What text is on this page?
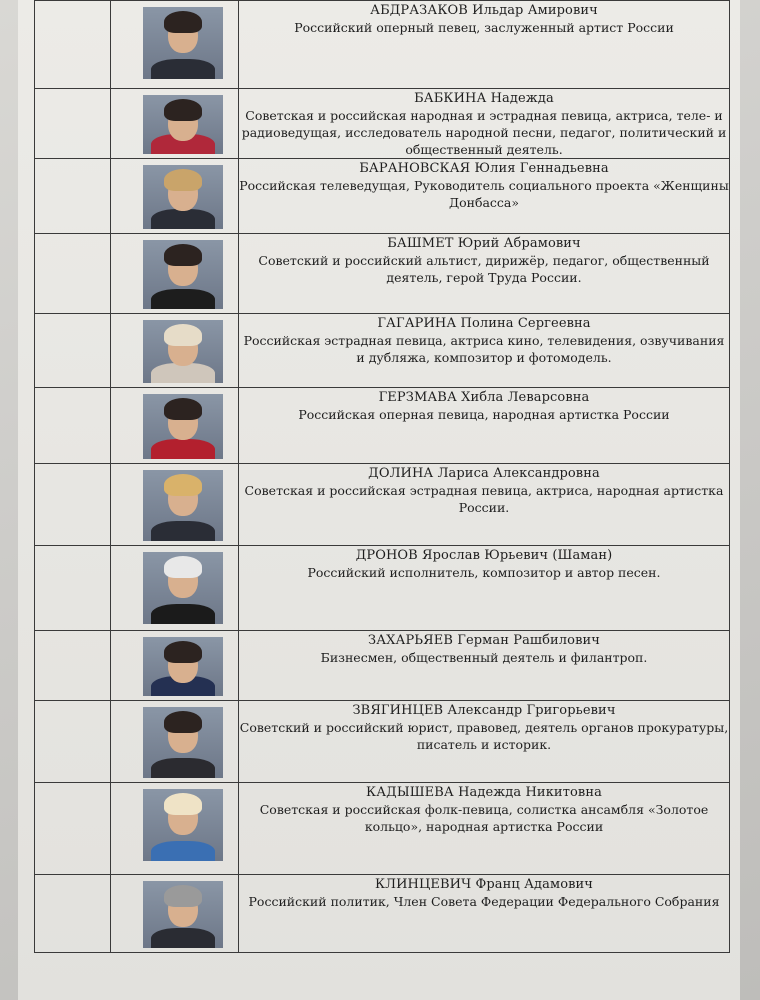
	АБДРАЗАКОВ Ильдар Амирович
Российский оперный певец, заслуженный артист России

	БАБКИНА Надежда
Советская и российская народная и эстрадная певица, актриса, теле- и радиоведущая, исследователь народной песни, педагог, политический и общественный деятель.

	БАРАНОВСКАЯ Юлия Геннадьевна
Российская телеведущая, Руководитель социального проекта «Женщины Донбасса»

	БАШМЕТ Юрий Абрамович
Советский и российский альтист, дирижёр, педагог, общественный деятель, герой Труда России.

	ГАГАРИНА Полина Сергеевна
Российская эстрадная певица, актриса кино, телевидения, озвучивания и дубляжа, композитор и фотомодель.

	ГЕРЗМАВА Хибла Леварсовна
Российская оперная певица, народная артистка России

	ДОЛИНА Лариса Александровна
Советская и российская эстрадная певица, актриса, народная артистка России.

	ДРОНОВ Ярослав Юрьевич (Шаман)
Российский исполнитель, композитор и автор песен.

	ЗАХАРЬЯЕВ Герман Рашбилович
Бизнесмен, общественный деятель и филантроп.

	ЗВЯГИНЦЕВ Александр Григорьевич
Советский и российский юрист, правовед, деятель органов прокуратуры, писатель и историк.

	КАДЫШЕВА Надежда Никитовна
Советская и российская фолк-певица, солистка ансамбля «Золотое кольцо», народная артистка России

	КЛИНЦЕВИЧ Франц Адамович
Российский политик, Член Совета Федерации Федерального Собрания
